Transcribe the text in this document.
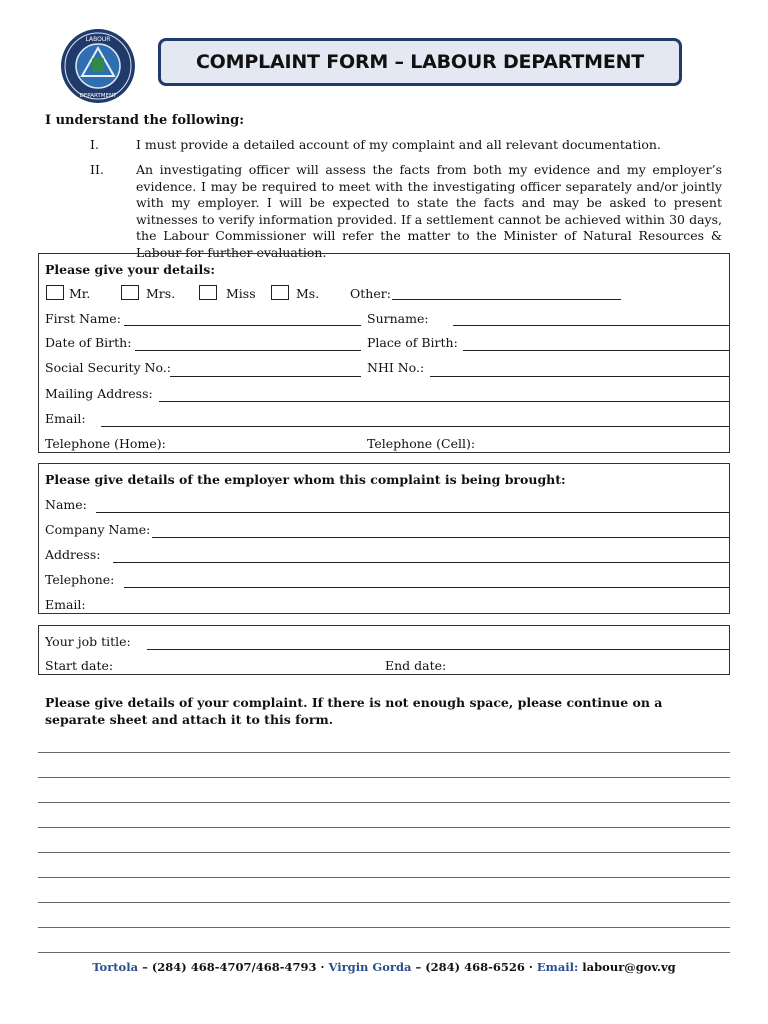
LABOUR
DEPARTMENT
COMPLAINT FORM – LABOUR DEPARTMENT
I understand the following:
I.	I must provide a detailed account of my complaint and all relevant documentation.
II.	An investigating officer will assess the facts from both my evidence and my employer’s evidence. I may be required to meet with the investigating officer separately and/or jointly with my employer. I will be expected to state the facts and may be asked to present witnesses to verify information provided. If a settlement cannot be achieved within 30 days, the Labour Commissioner will refer the matter to the Minister of Natural Resources & Labour for further evaluation.
Please give your details:
Mr.	Mrs.	Miss	Ms. Other:
First Name:	Surname:
Date of Birth:	Place of Birth:
Social Security No.:	NHI No.:
Mailing Address:
Email:
Telephone (Home):	Telephone (Cell):
Please give details of the employer whom this complaint is being brought:
Name:
Company Name:
Address:
Telephone:
Email:
Your job title:
Start date:	End date:
Please give details of your complaint. If there is not enough space, please continue on a separate sheet and attach it to this form.
Tortola – (284) 468-4707/468-4793 · Virgin Gorda – (284) 468-6526 · Email: labour@gov.vg
